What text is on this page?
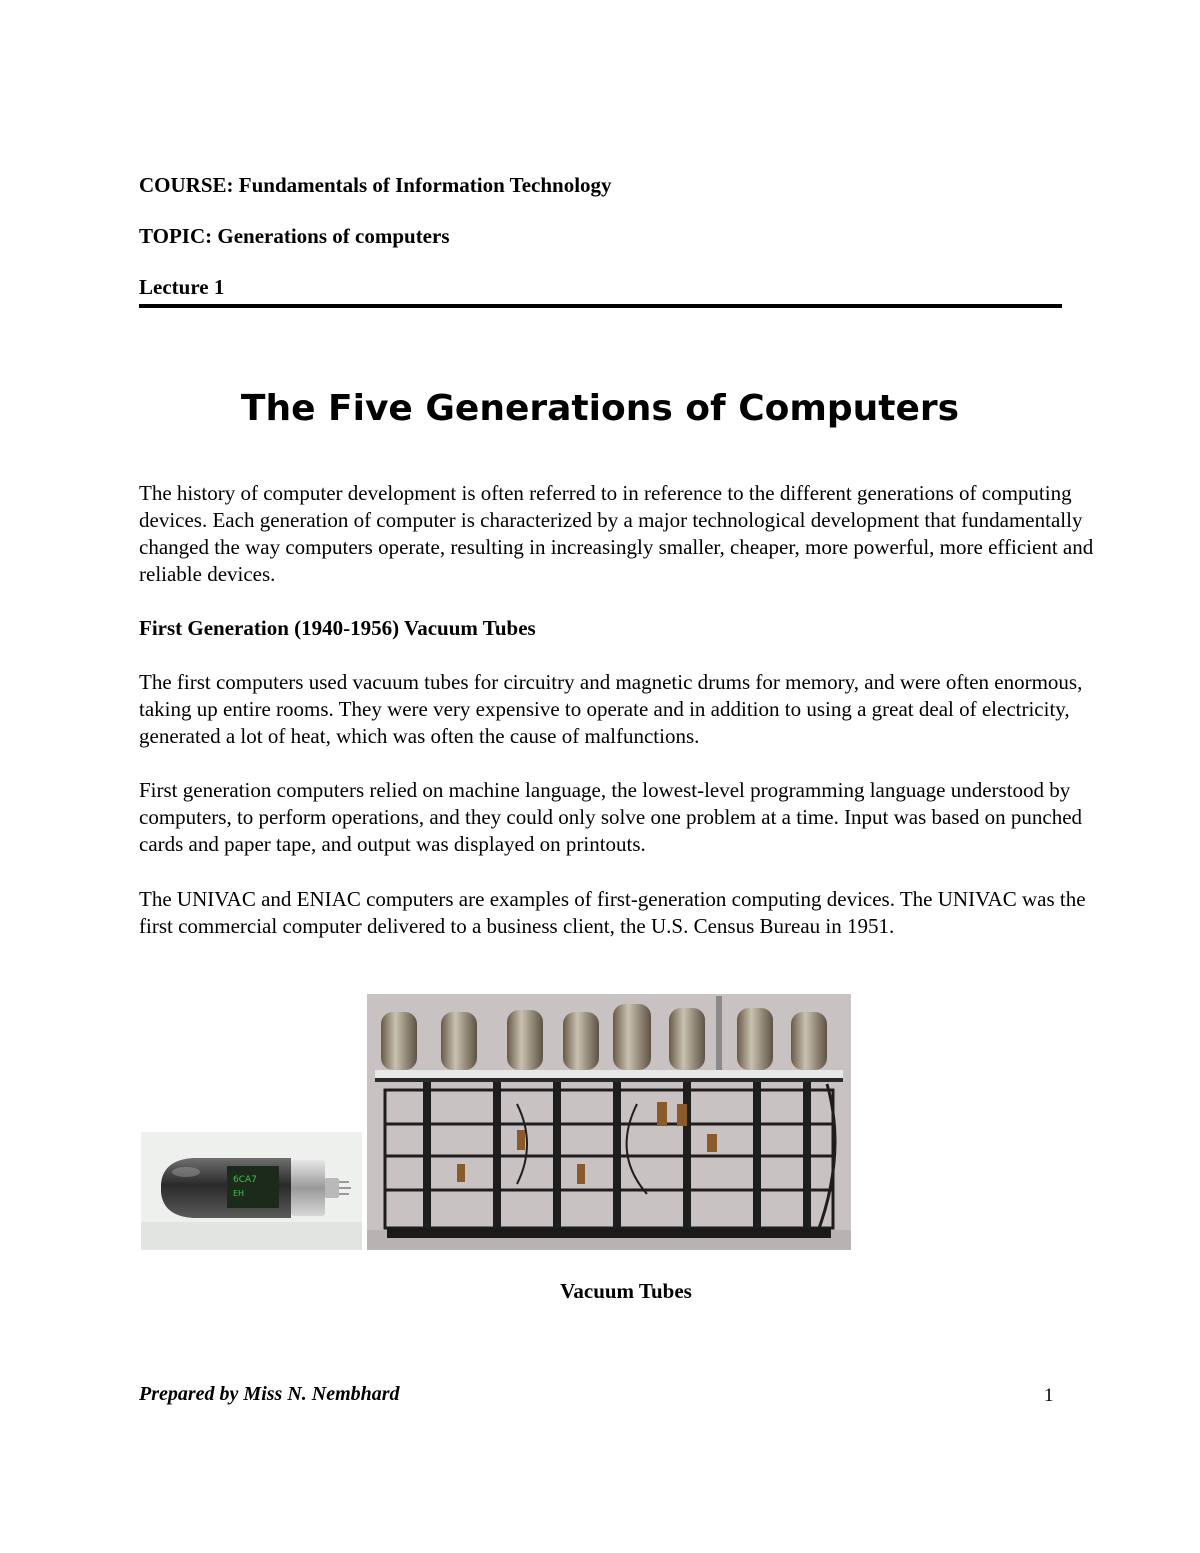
COURSE: Fundamentals of Information Technology
TOPIC: Generations of computers
Lecture 1
The Five Generations of Computers
The history of computer development is often referred to in reference to the different generations of computing devices. Each generation of computer is characterized by a major technological development that fundamentally changed the way computers operate, resulting in increasingly smaller, cheaper, more powerful, more efficient and reliable devices.
First Generation (1940-1956) Vacuum Tubes
The first computers used vacuum tubes for circuitry and magnetic drums for memory, and were often enormous, taking up entire rooms. They were very expensive to operate and in addition to using a great deal of electricity, generated a lot of heat, which was often the cause of malfunctions.
First generation computers relied on machine language, the lowest-level programming language understood by computers, to perform operations, and they could only solve one problem at a time. Input was based on punched cards and paper tape, and output was displayed on printouts.
The UNIVAC and ENIAC computers are examples of first-generation computing devices. The UNIVAC was the first commercial computer delivered to a business client, the U.S. Census Bureau in 1951.
6CA7
EH
Vacuum Tubes
Prepared by Miss N. Nembhard	1
